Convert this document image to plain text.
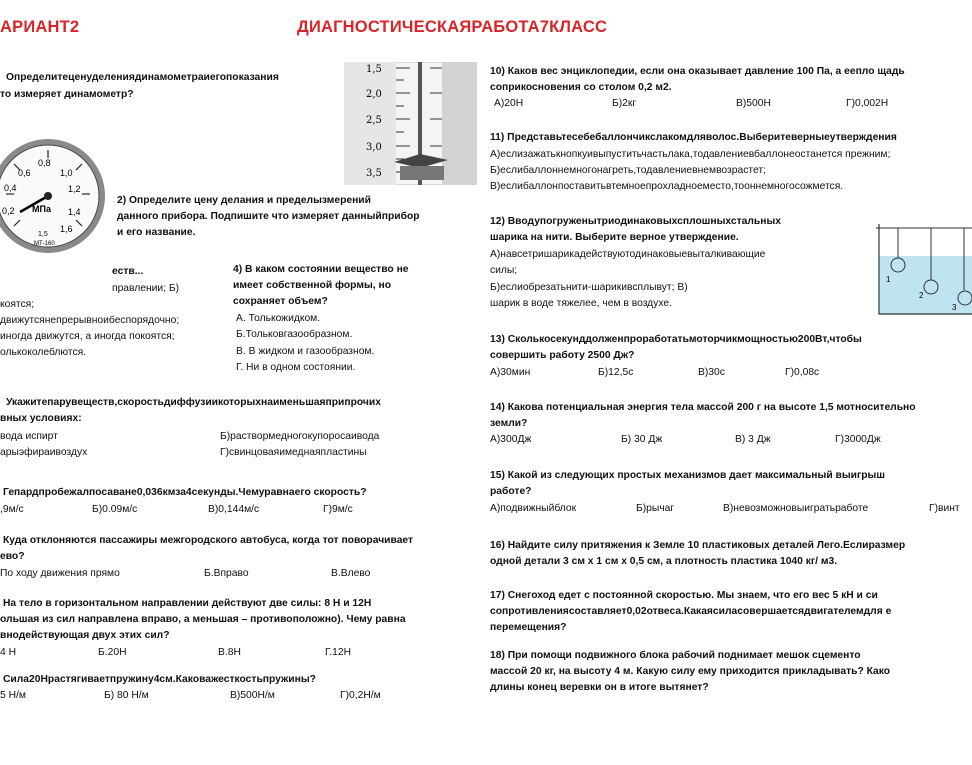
АРИАНТ2	ДИАГНОСТИЧЕСКАЯРАБОТА7КЛАСС
Определитеценуделениядинамометраиегопоказания
то измеряет динамометр?
1,5
2,0
2,5
3,0
3,5
0,4
0,6
0,8
1,0
1,2
1,4
0,2
1,6
МПа
1,5
МТ-160
2) Определите цену делания и пределызмерений
данного прибора. Подпишите что измеряет данныйприбор
и его название.
еств...
правлении; Б)
коятся;
движутсянепрерывноибеспорядочно;
иногда движутся, а иногда покоятся;
олькоколеблются.
4) В каком состоянии вещество не
имеет собственной формы, но
сохраняет объем?
А. Толькожидком.
Б.Тольковгазообразном.
В. В жидком и газообразном.
Г. Ни в одном состоянии.
Укажитепарувеществ,скоростьдиффузиикоторыхнаименьшаяприпрочих
вных условиях:
вода испирт	Б)раствормедногокупоросаивода
арыэфираивоздух	Г)свинцоваяимеднаяпластины
Гепардпробежалпосаване0,036кмза4секунды.Чемуравнаего скорость?
,9м/с	Б)0.09м/с	В)0,144м/с	Г)9м/с
Куда отклоняются пассажиры межгородского автобуса, когда тот поворачивает
ево?
По ходу движения прямо	Б.Вправо	В.Влево
На тело в горизонтальном направлении действуют две силы: 8 Н и 12Н
ольшая из сил направлена вправо, а меньшая – противоположно). Чему равна
внодействующая двух этих сил?
4 Н	Б.20Н	В.8Н	Г.12Н
Сила20Нрастягиваетпружину4см.Каковажесткостьпружины?
5 Н/м	Б) 80 Н/м	В)500Н/м	Г)0,2Н/м
10) Каков вес энциклопедии, если она оказывает давление 100 Па, а еепло щадь
соприкосновения со столом 0,2 м2.
А)20Н	Б)2кг	В)500Н	Г)0,002Н
11) Представьтесебебаллончикслакомдляволос.Выберитеверныеутверждения
А)еслизажатькнопкуивыпуститьчастьлака,тодавлениевбаллонеостанется прежним;
Б)еслибаллоннемногонагреть,тодавлениевнемвозрастет;
В)еслибаллонпоставитьвтемноепрохладноеместо,тооннемногосожмется.
12) Вводупогруженытриодинаковыхсплошныхстальных
шарика на нити. Выберите верное утверждение.
А)навсетришарикадействуютодинаковыевыталкивающие
силы;
Б)еслиобрезатьнити-шарикивсплывут; В)
шарик в воде тяжелее, чем в воздухе.
1
2
3
13) Сколькосекунддолженпроработатьмоторчикмощностью200Вт,чтобы
совершить работу 2500 Дж?
А)30мин	Б)12,5с	В)30с	Г)0,08с
14) Какова потенциальная энергия тела массой 200 г на высоте 1,5 мотносительно
земли?
А)300Дж	Б) 30 Дж	В) 3 Дж	Г)3000Дж
15) Какой из следующих простых механизмов дает максимальный выигрыш
работе?
А)подвижныйблок	Б)рычаг	В)невозможновыигратьработе	Г)винт
16) Найдите силу притяжения к Земле 10 пластиковых деталей Лего.Еслиразмер
одной детали 3 см х 1 см х 0,5 см, а плотность пластика 1040 кг/ м3.
17) Снегоход едет с постоянной скоростью. Мы знаем, что его вес 5 кН и си
сопротивлениясоставляет0,02отвеса.Какаясиласовершаетсядвигателемдля е
перемещения?
18) При помощи подвижного блока рабочий поднимает мешок сцементо
массой 20 кг, на высоту 4 м. Какую силу ему приходится прикладывать? Како
длины конец веревки он в итоге вытянет?
